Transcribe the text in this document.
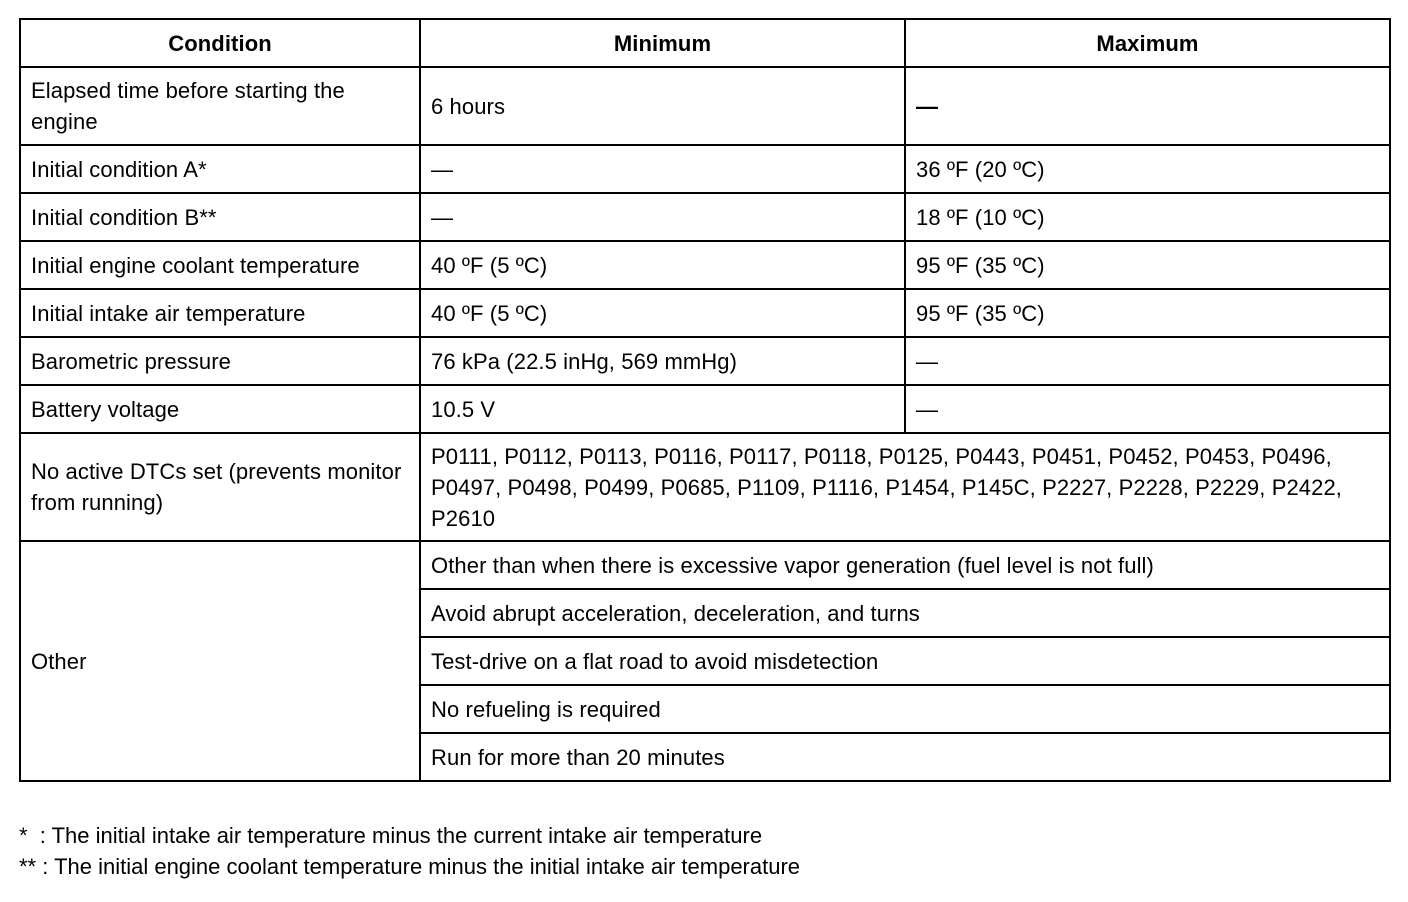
Condition	Minimum	Maximum
Elapsed time before starting the engine	6 hours	—
Initial condition A*	—	36 ºF (20 ºC)
Initial condition B**	—	18 ºF (10 ºC)
Initial engine coolant temperature	40 ºF (5 ºC)	95 ºF (35 ºC)
Initial intake air temperature	40 ºF (5 ºC)	95 ºF (35 ºC)
Barometric pressure	76 kPa (22.5 inHg, 569 mmHg)	—
Battery voltage	10.5 V	—
No active DTCs set (prevents monitor from running)	P0111, P0112, P0113, P0116, P0117, P0118, P0125, P0443, P0451, P0452, P0453, P0496, P0497, P0498, P0499, P0685, P1109, P1116, P1454, P145C, P2227, P2228, P2229, P2422, P2610	
Other	Other than when there is excessive vapor generation (fuel level is not full)	
	Avoid abrupt acceleration, deceleration, and turns	
	Test-drive on a flat road to avoid misdetection	
	No refueling is required	
	Run for more than 20 minutes	
*  : The initial intake air temperature minus the current intake air temperature
** : The initial engine coolant temperature minus the initial intake air temperature
